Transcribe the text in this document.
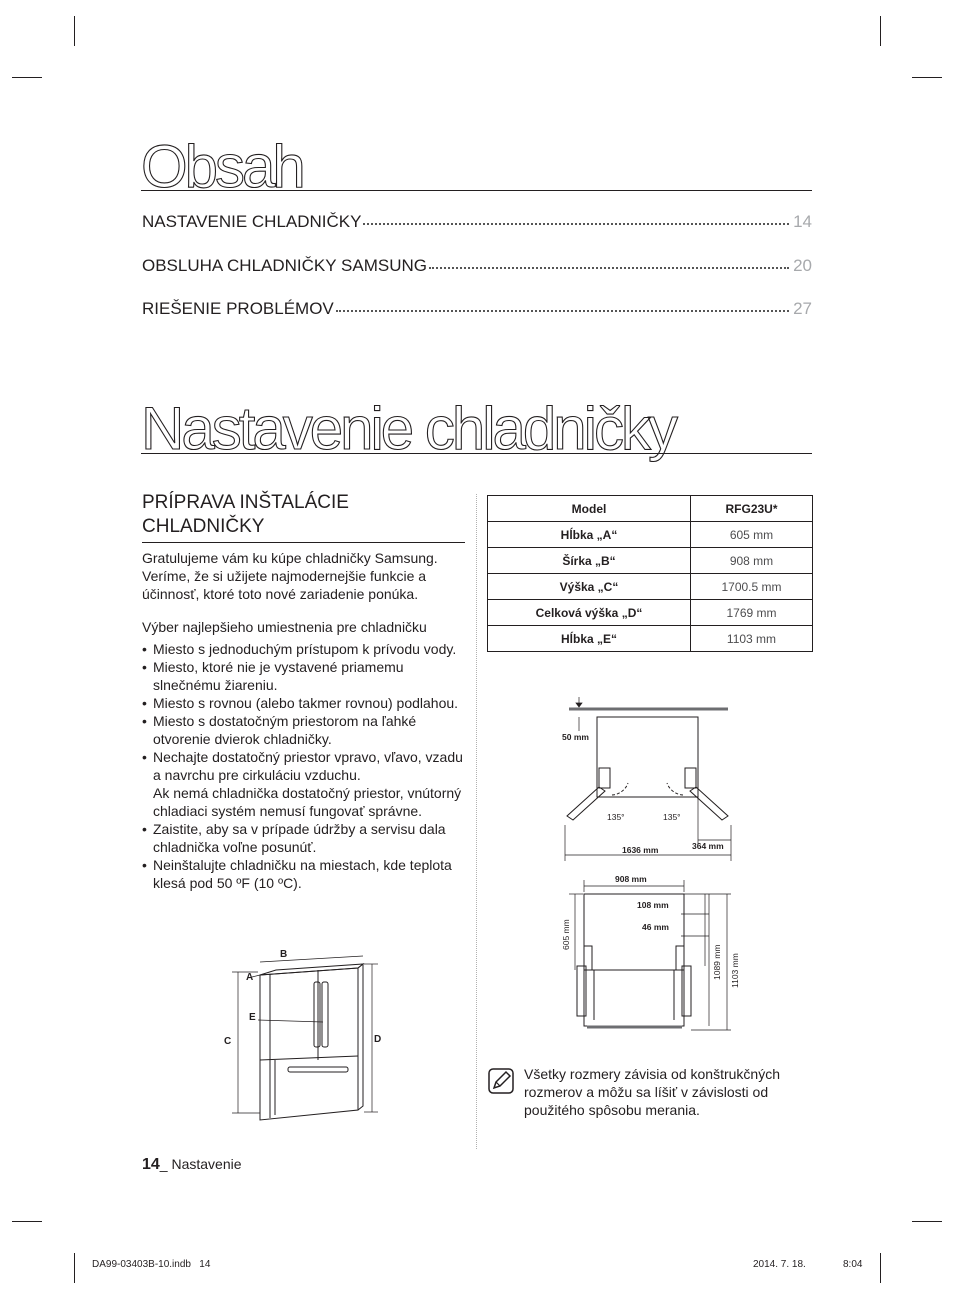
Obsah
NASTAVENIE CHLADNIČKY	14
OBSLUHA CHLADNIČKY SAMSUNG	20
RIEŠENIE PROBLÉMOV	27
Nastavenie chladničky
PRÍPRAVA INŠTALÁCIE
CHLADNIČKY

Gratulujeme vám ku kúpe chladničky Samsung. Veríme, že si užijete najmodernejšie funkcie a účinnosť, ktoré toto nové zariadenie ponúka.

Výber najlepšieho umiestnenia pre chladničku
• Miesto s jednoduchým prístupom k prívodu vody.
• Miesto, ktoré nie je vystavené priamemu slnečnému žiareniu.
• Miesto s rovnou (alebo takmer rovnou) podlahou.
• Miesto s dostatočným priestorom na ľahké otvorenie dvierok chladničky.
• Nechajte dostatočný priestor vpravo, vľavo, vzadu a navrchu pre cirkuláciu vzduchu.
Ak nemá chladnička dostatočný priestor, vnútorný chladiaci systém nemusí fungovať správne.
• Zaistite, aby sa v prípade údržby a servisu dala chladnička voľne posunúť.
• Neinštalujte chladničku na miestach, kde teplota klesá pod 50 ºF (10 ºC).
B
A
E
C	D
Model	RFG23U*
Hĺbka „A“	605 mm
Šírka „B“	908 mm
Výška „C“	1700.5 mm
Celková výška „D“	1769 mm
Hĺbka „E“	1103 mm
50 mm
135°	135°
1636 mm	364 mm
908 mm
108 mm
46 mm
605 mm
1089 mm 1103 mm

Všetky rozmery závisia od konštrukčných rozmerov a môžu sa líšiť v závislosti od použitého spôsobu merania.

14_ Nastavenie
DA99-03403B-10.indb   14	2014. 7. 18.	8:04
